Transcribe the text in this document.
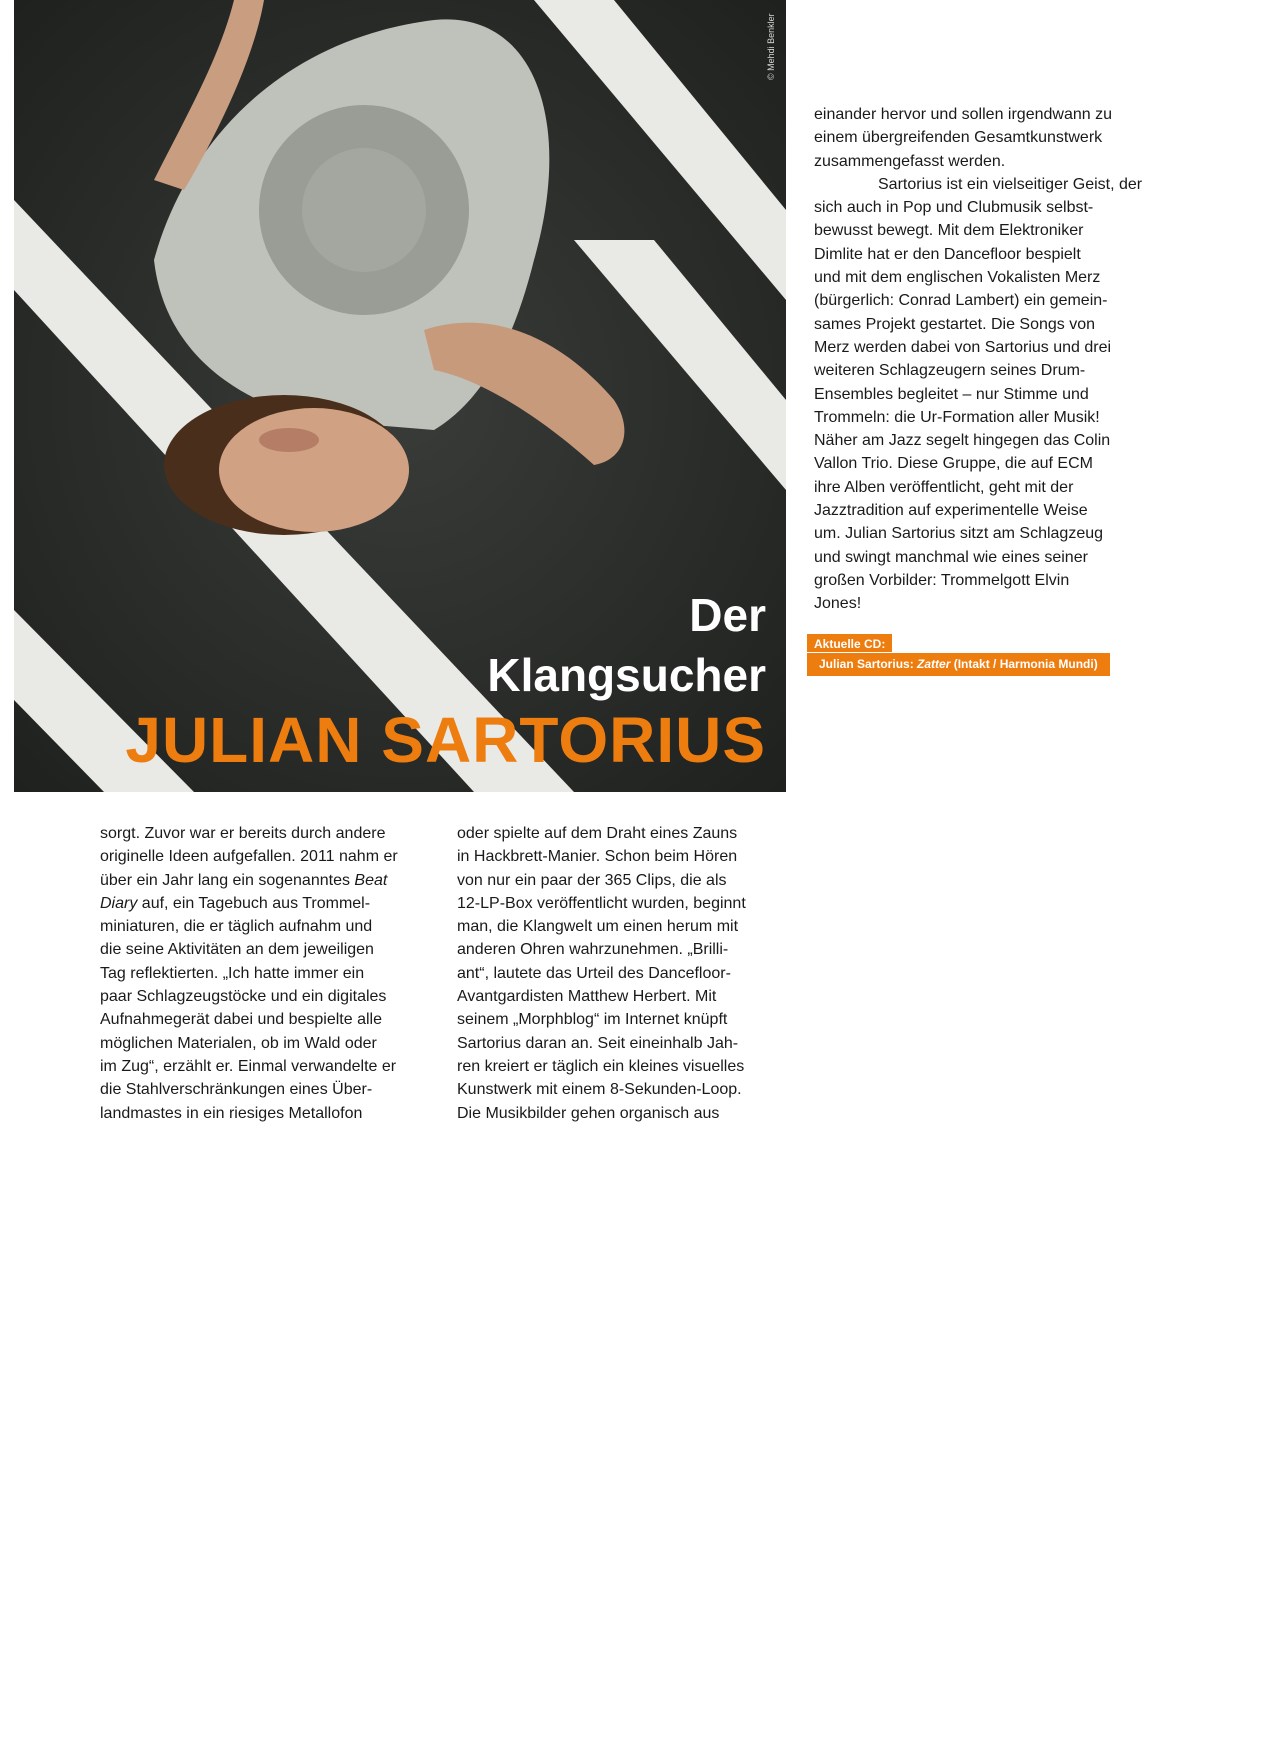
Der
Klangsucher
JULIAN SARTORIUS
© Mehdi Benkler
sorgt. Zuvor war er bereits durch andere
originelle Ideen aufgefallen. 2011 nahm er
über ein Jahr lang ein sogenanntes Beat
Diary auf, ein Tagebuch aus Trommel-
miniaturen, die er täglich aufnahm und
die seine Aktivitäten an dem jeweiligen
Tag reflektierten. „Ich hatte immer ein
paar Schlagzeugstöcke und ein digitales
Aufnahmegerät dabei und bespielte alle
möglichen Materialen, ob im Wald oder
im Zug“, erzählt er. Einmal verwandelte er
die Stahlverschränkungen eines Über-
landmastes in ein riesiges Metallofon
oder spielte auf dem Draht eines Zauns
in Hackbrett-Manier. Schon beim Hören
von nur ein paar der 365 Clips, die als
12-LP-Box veröffentlicht wurden, beginnt
man, die Klangwelt um einen herum mit
anderen Ohren wahrzunehmen. „Brilli-
ant“, lautete das Urteil des Dancefloor-
Avantgardisten Matthew Herbert. Mit
seinem „Morphblog“ im Internet knüpft
Sartorius daran an. Seit eineinhalb Jah-
ren kreiert er täglich ein kleines visuelles
Kunstwerk mit einem 8-Sekunden-Loop.
Die Musikbilder gehen organisch aus
einander hervor und sollen irgendwann zu
einem übergreifenden Gesamtkunstwerk
zusammengefasst werden.
Sartorius ist ein vielseitiger Geist, der
sich auch in Pop und Clubmusik selbst-
bewusst bewegt. Mit dem Elektroniker
Dimlite hat er den Dancefloor bespielt
und mit dem englischen Vokalisten Merz
(bürgerlich: Conrad Lambert) ein gemein-
sames Projekt gestartet. Die Songs von
Merz werden dabei von Sartorius und drei
weiteren Schlagzeugern seines Drum-
Ensembles begleitet – nur Stimme und
Trommeln: die Ur-Formation aller Musik!
Näher am Jazz segelt hingegen das Colin
Vallon Trio. Diese Gruppe, die auf ECM
ihre Alben veröffentlicht, geht mit der
Jazztradition auf experimentelle Weise
um. Julian Sartorius sitzt am Schlagzeug
und swingt manchmal wie eines seiner
großen Vorbilder: Trommelgott Elvin
Jones!
Aktuelle CD:
Julian Sartorius: Zatter (Intakt / Harmonia Mundi)
